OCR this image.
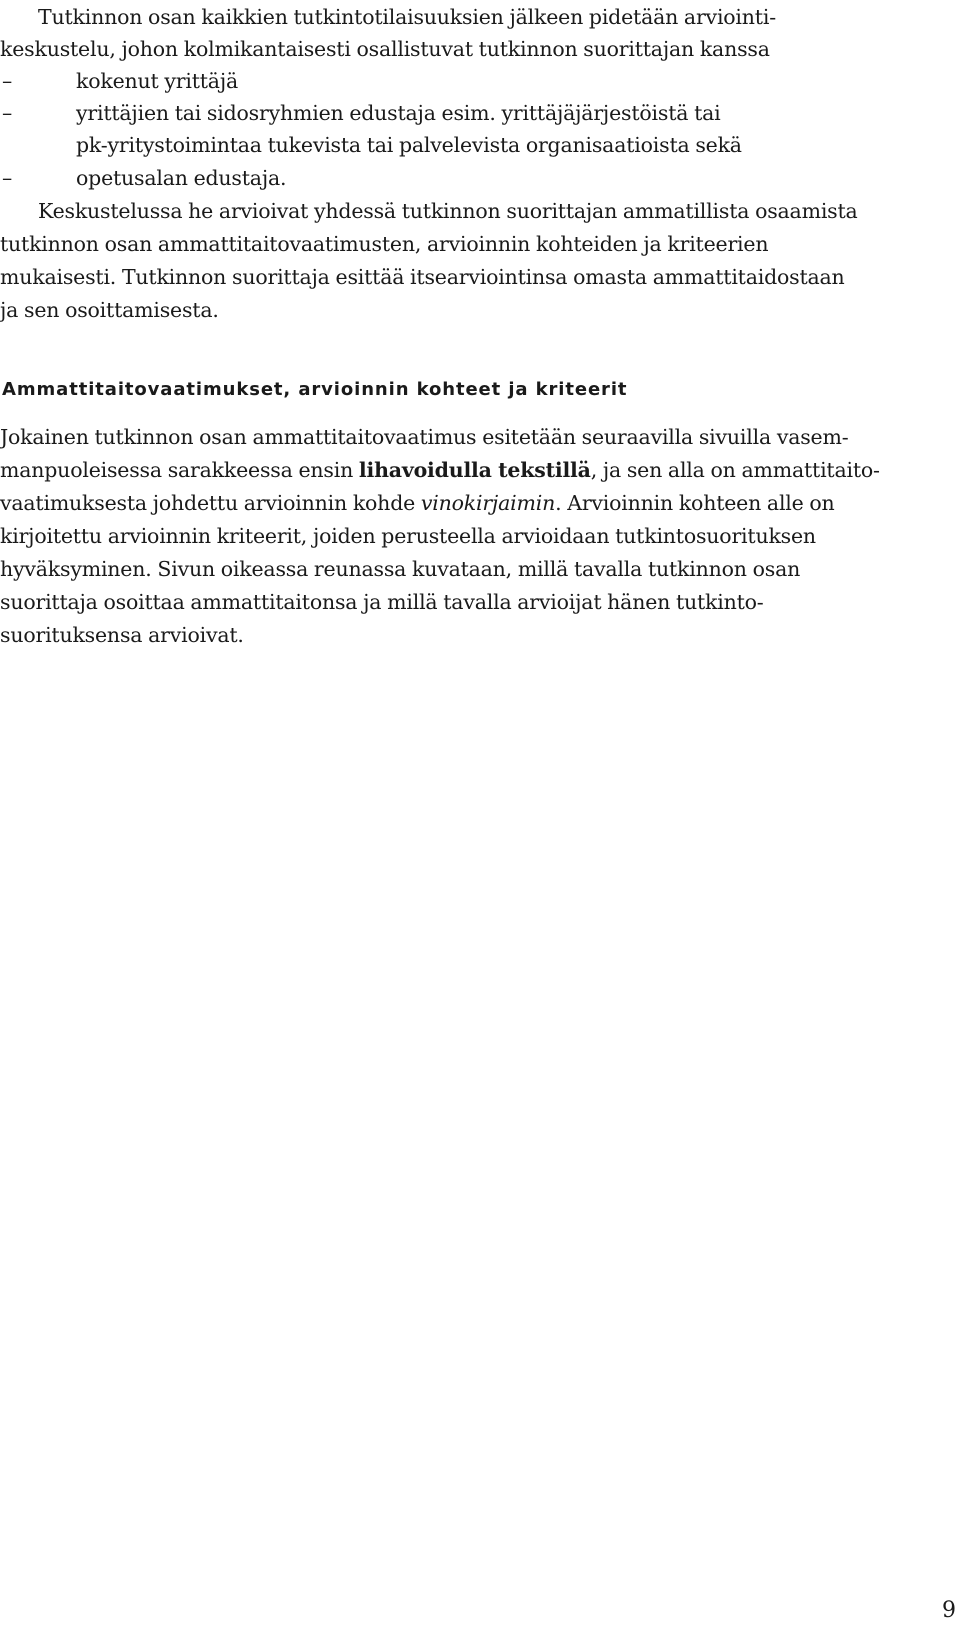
Tutkinnon osan kaikkien tutkintotilaisuuksien jälkeen pidetään arviointi-
keskustelu, johon kolmikantaisesti osallistuvat tutkinnon suorittajan kanssa
–	kokenut yrittäjä
–	yrittäjien tai sidosryhmien edustaja esim. yrittäjäjärjestöistä tai
pk-yritystoimintaa tukevista tai palvelevista organisaatioista sekä
–	opetusalan edustaja.
Keskustelussa he arvioivat yhdessä tutkinnon suorittajan ammatillista osaamista
tutkinnon osan ammattitaitovaatimusten, arvioinnin kohteiden ja kriteerien
mukaisesti. Tutkinnon suorittaja esittää itsearviointinsa omasta ammattitaidostaan
ja sen osoittamisesta.
Ammattitaitovaatimukset, arvioinnin kohteet ja kriteerit
Jokainen tutkinnon osan ammattitaitovaatimus esitetään seuraavilla sivuilla vasem-
manpuoleisessa sarakkeessa ensin lihavoidulla tekstillä, ja sen alla on ammattitaito-
vaatimuksesta johdettu arvioinnin kohde vinokirjaimin. Arvioinnin kohteen alle on
kirjoitettu arvioinnin kriteerit, joiden perusteella arvioidaan tutkintosuorituksen
hyväksyminen. Sivun oikeassa reunassa kuvataan, millä tavalla tutkinnon osan
suorittaja osoittaa ammattitaitonsa ja millä tavalla arvioijat hänen tutkinto-
suorituksensa arvioivat.
9
